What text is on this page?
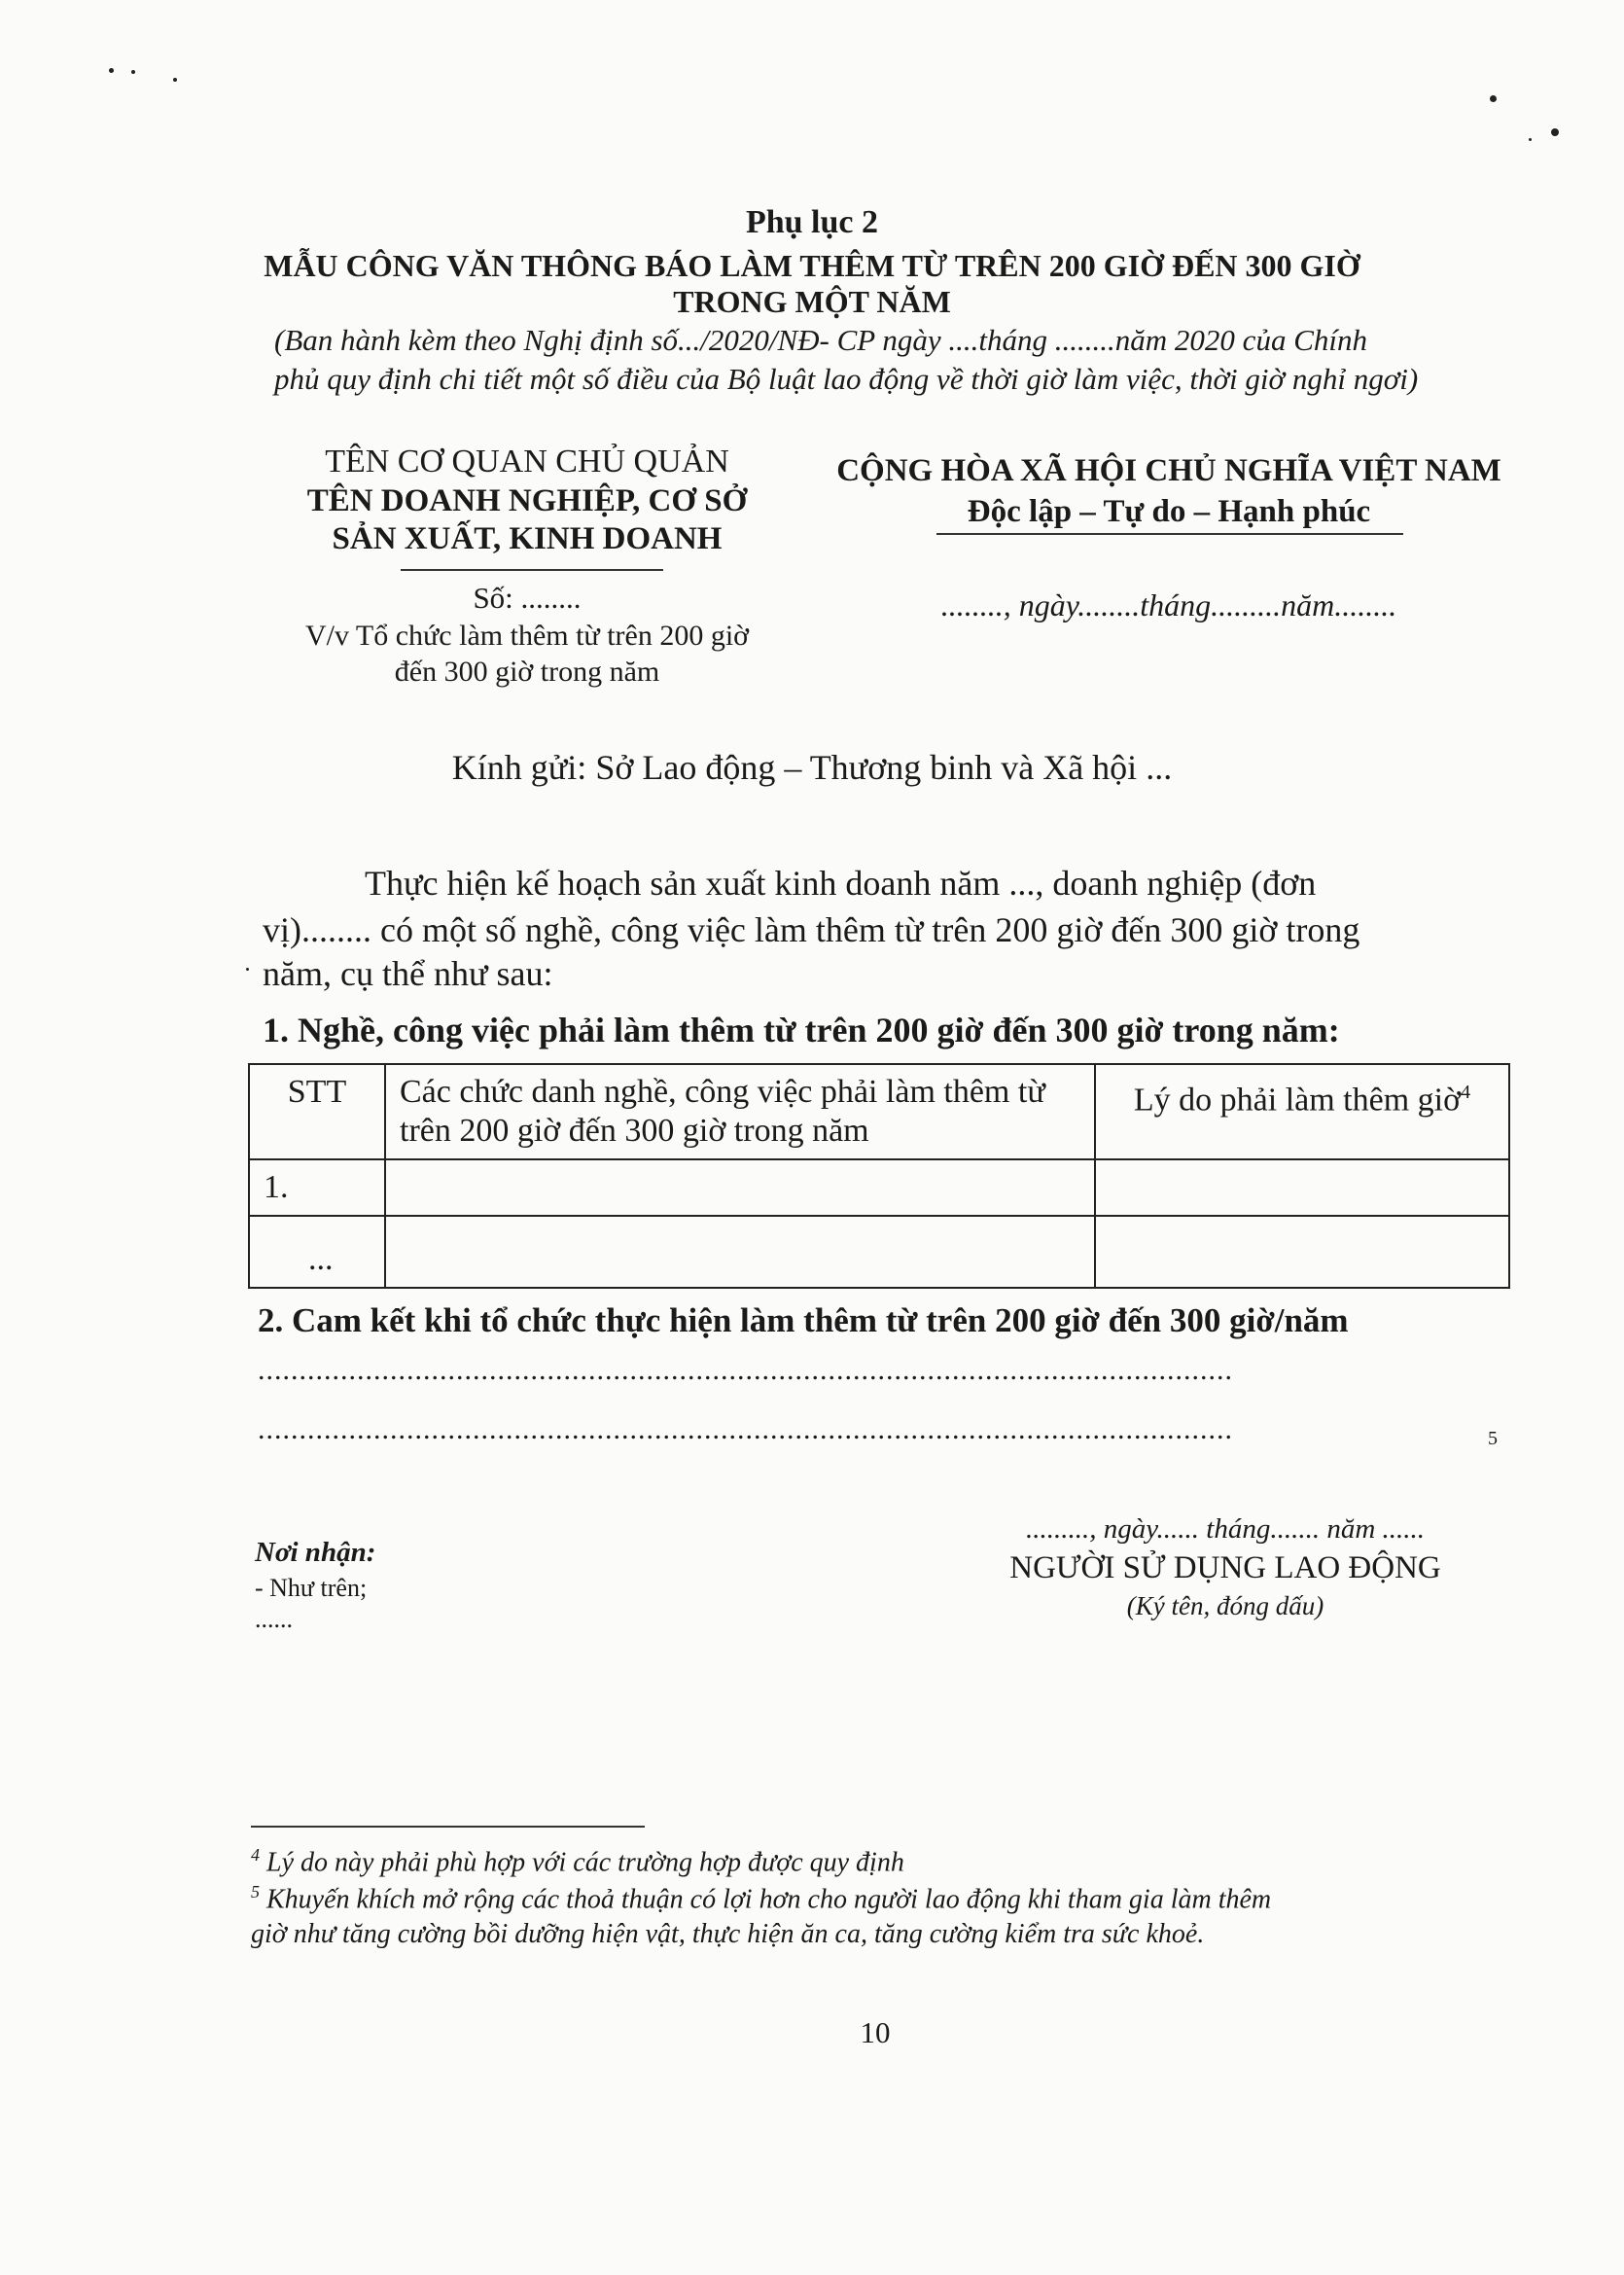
Phụ lục 2
MẪU CÔNG VĂN THÔNG BÁO LÀM THÊM TỪ TRÊN 200 GIỜ ĐẾN 300 GIỜ
TRONG MỘT NĂM
(Ban hành kèm theo Nghị định số.../2020/NĐ- CP ngày ....tháng ........năm 2020 của Chính
phủ quy định chi tiết một số điều của Bộ luật lao động về thời giờ làm việc, thời giờ nghỉ ngơi)
TÊN CƠ QUAN CHỦ QUẢN
TÊN DOANH NGHIỆP, CƠ SỞ
SẢN XUẤT, KINH DOANH
Số: ........
V/v Tổ chức làm thêm từ trên 200 giờ
đến 300 giờ trong năm
CỘNG HÒA XÃ HỘI CHỦ NGHĨA VIỆT NAM
Độc lập – Tự do – Hạnh phúc
........, ngày........tháng.........năm........
Kính gửi: Sở Lao động – Thương binh và Xã hội ...
Thực hiện kế hoạch sản xuất kinh doanh năm ..., doanh nghiệp (đơn
vị)........ có một số nghề, công việc làm thêm từ trên 200 giờ đến 300 giờ trong
năm, cụ thể như sau:
1. Nghề, công việc phải làm thêm từ trên 200 giờ đến 300 giờ trong năm:
STT	Các chức danh nghề, công việc phải làm thêm từ trên 200 giờ đến 300 giờ trong năm	Lý do phải làm thêm giờ$^4$
1.		
...		
2. Cam kết khi tổ chức thực hiện làm thêm từ trên 200 giờ đến 300 giờ/năm
......................................................................................................................
......................................................................................................................	5
Nơi nhận:
- Như trên;
......
........., ngày...... tháng....... năm ......
NGƯỜI SỬ DỤNG LAO ĐỘNG
(Ký tên, đóng dấu)
$^4$ Lý do này phải phù hợp với các trường hợp được quy định
$^5$ Khuyến khích mở rộng các thoả thuận có lợi hơn cho người lao động khi tham gia làm thêm
giờ như tăng cường bồi dưỡng hiện vật, thực hiện ăn ca, tăng cường kiểm tra sức khoẻ.
10
